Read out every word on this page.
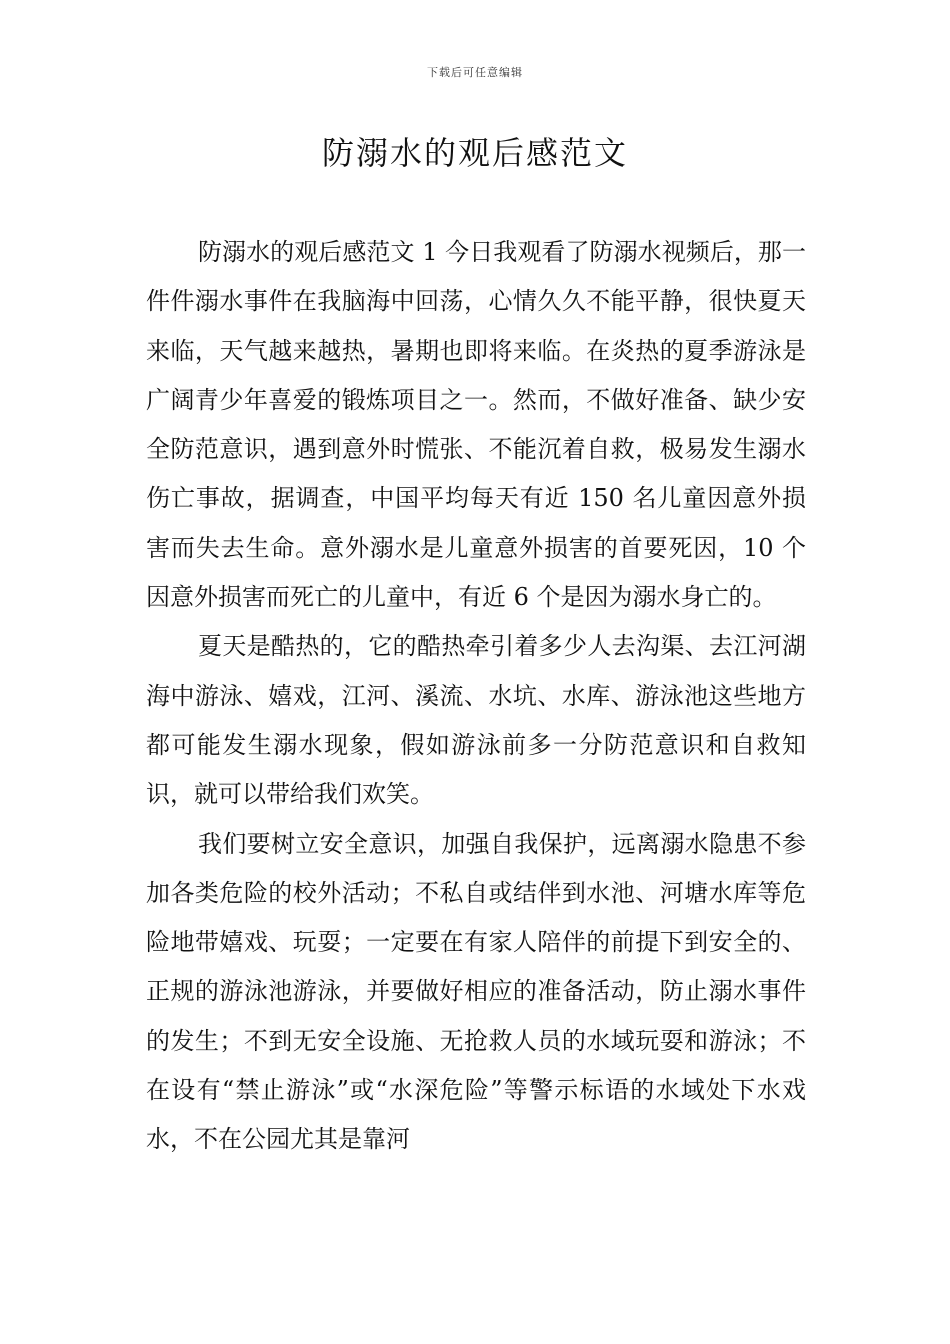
下载后可任意编辑
防溺水的观后感范文

防溺水的观后感范文 1 今日我观看了防溺水视频后，那一件件溺水事件在我脑海中回荡，心情久久不能平静，很快夏天来临，天气越来越热，暑期也即将来临。在炎热的夏季游泳是广阔青少年喜爱的锻炼项目之一。然而，不做好准备、缺少安全防范意识，遇到意外时慌张、不能沉着自救，极易发生溺水伤亡事故，据调查，中国平均每天有近 150 名儿童因意外损害而失去生命。意外溺水是儿童意外损害的首要死因，10 个因意外损害而死亡的儿童中，有近 6 个是因为溺水身亡的。

夏天是酷热的，它的酷热牵引着多少人去沟渠、去江河湖海中游泳、嬉戏，江河、溪流、水坑、水库、游泳池这些地方都可能发生溺水现象，假如游泳前多一分防范意识和自救知识，就可以带给我们欢笑。

我们要树立安全意识，加强自我保护，远离溺水隐患不参加各类危险的校外活动；不私自或结伴到水池、河塘水库等危险地带嬉戏、玩耍；一定要在有家人陪伴的前提下到安全的、正规的游泳池游泳，并要做好相应的准备活动，防止溺水事件的发生；不到无安全设施、无抢救人员的水域玩耍和游泳；不在设有“禁止游泳”或“水深危险”等警示标语的水域处下水戏水，不在公园尤其是靠河
